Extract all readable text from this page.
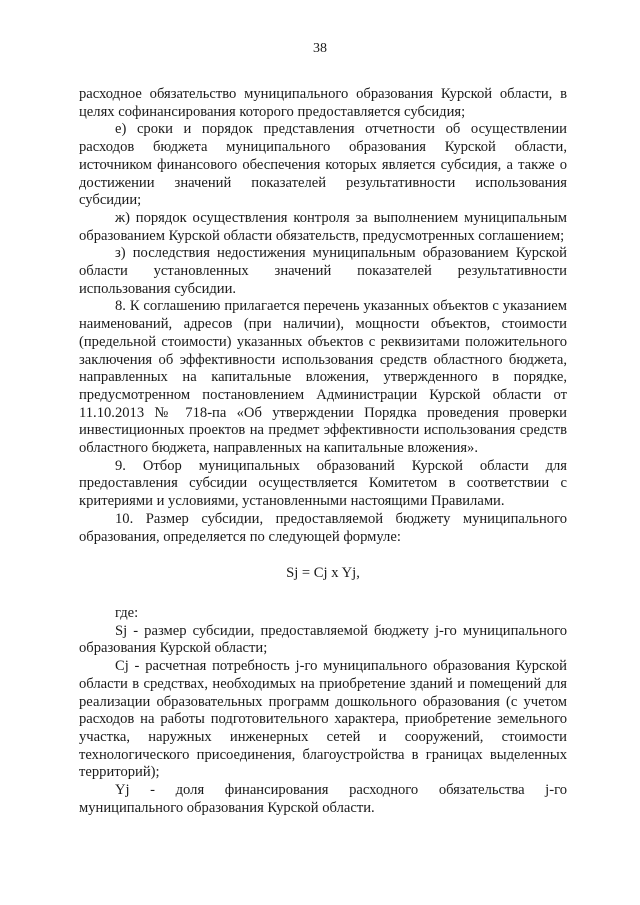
38

расходное обязательство муниципального образования Курской области, в целях софинансирования которого предоставляется субсидия;

е) сроки и порядок представления отчетности об осуществлении расходов бюджета муниципального образования Курской области, источником финансового обеспечения которых является субсидия, а также о достижении значений показателей результативности использования субсидии;

ж) порядок осуществления контроля за выполнением муниципальным образованием Курской области обязательств, предусмотренных соглашением;

з) последствия недостижения муниципальным образованием Курской области установленных значений показателей результативности использования субсидии.

8. К соглашению прилагается перечень указанных объектов с указанием наименований, адресов (при наличии), мощности объектов, стоимости (предельной стоимости) указанных объектов с реквизитами положительного заключения об эффективности использования средств областного бюджета, направленных на капитальные вложения, утвержденного в порядке, предусмотренном постановлением Администрации Курской области от 11.10.2013 № 718-па «Об утверждении Порядка проведения проверки инвестиционных проектов на предмет эффективности использования средств областного бюджета, направленных на капитальные вложения».

9. Отбор муниципальных образований Курской области для предоставления субсидии осуществляется Комитетом в соответствии с критериями и условиями, установленными настоящими Правилами.

10. Размер субсидии, предоставляемой бюджету муниципального образования, определяется по следующей формуле:

Sj = Cj x Yj,

где:

Sj - размер субсидии, предоставляемой бюджету j-го муниципального образования Курской области;

Cj - расчетная потребность j-го муниципального образования Курской области в средствах, необходимых на приобретение зданий и помещений для реализации образовательных программ дошкольного образования (с учетом расходов на работы подготовительного характера, приобретение земельного участка, наружных инженерных сетей и сооружений, стоимости технологического присоединения, благоустройства в границах выделенных территорий);

Yj - доля финансирования расходного обязательства j-го муниципального образования Курской области.
